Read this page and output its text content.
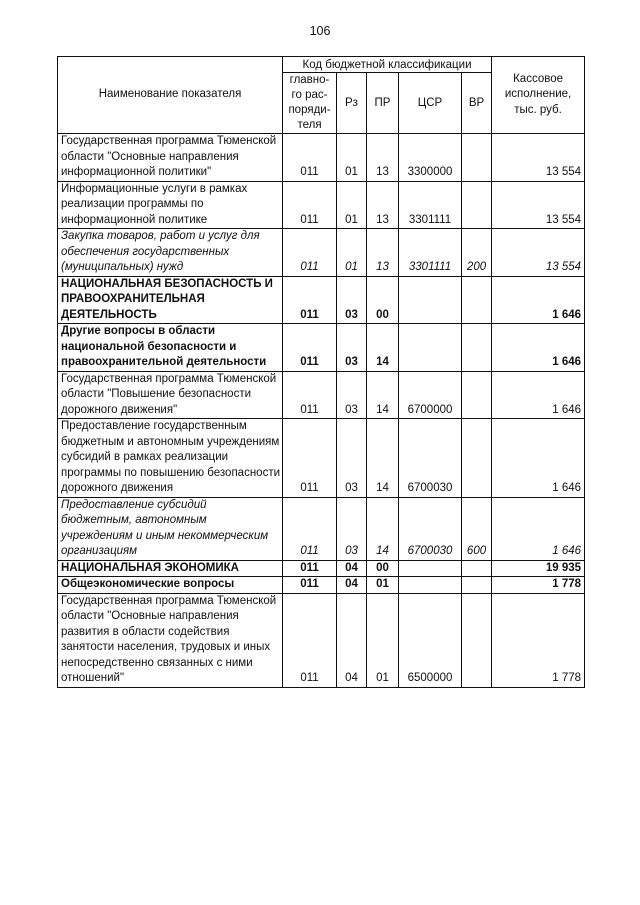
106
Наименование показателя	Код бюджетной классификации					Кассовое исполнение, тыс. руб.
	главно-го рас-поряди-теля	Рз	ПР	ЦСР	ВР	
Государственная программа Тюменской области "Основные направления информационной политики"	011	01	13	3300000		13 554
Информационные услуги в рамках реализации программы по информационной политике	011	01	13	3301111		13 554
Закупка товаров, работ и услуг для обеспечения государственных (муниципальных) нужд	011	01	13	3301111	200	13 554
НАЦИОНАЛЬНАЯ БЕЗОПАСНОСТЬ И ПРАВООХРАНИТЕЛЬНАЯ ДЕЯТЕЛЬНОСТЬ	011	03	00			1 646
Другие вопросы в области национальной безопасности и правоохранительной деятельности	011	03	14			1 646
Государственная программа Тюменской области "Повышение безопасности дорожного движения"	011	03	14	6700000		1 646
Предоставление государственным бюджетным и автономным учреждениям субсидий в рамках реализации программы по повышению безопасности дорожного движения	011	03	14	6700030		1 646
Предоставление субсидий бюджетным, автономным учреждениям и иным некоммерческим организациям	011	03	14	6700030	600	1 646
НАЦИОНАЛЬНАЯ ЭКОНОМИКА	011	04	00			19 935
Общеэкономические вопросы	011	04	01			1 778
Государственная программа Тюменской области "Основные направления развития в области содействия занятости населения, трудовых и иных непосредственно связанных с ними отношений"	011	04	01	6500000		1 778
